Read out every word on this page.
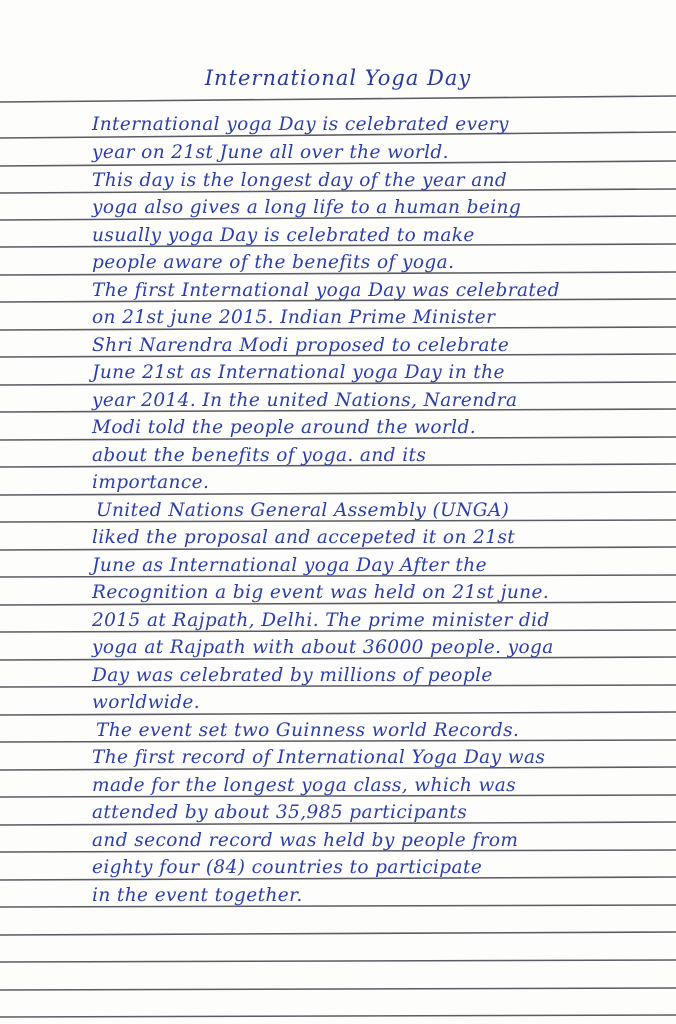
International Yoga Day
International yoga Day is celebrated every
year on 21st June all over the world.
This day is the longest day of the year and
yoga also gives a long life to a human being
usually yoga Day is celebrated to make
people aware of the benefits of yoga.
The first International yoga Day was celebrated
on 21st june 2015. Indian Prime Minister
Shri Narendra Modi proposed to celebrate
June 21st as International yoga Day in the
year 2014. In the united Nations, Narendra
Modi told the people around the world.
about the benefits of yoga. and its
importance.
United Nations General Assembly (UNGA)
liked the proposal and accepeted it on 21st
June as International yoga Day After the
Recognition a big event was held on 21st june.
2015 at Rajpath, Delhi. The prime minister did
yoga at Rajpath with about 36000 people. yoga
Day was celebrated by millions of people
worldwide.
The event set two Guinness world Records.
The first record of International Yoga Day was
made for the longest yoga class, which was
attended by about 35,985 participants
and second record was held by people from
eighty four (84) countries to participate
in the event together.
